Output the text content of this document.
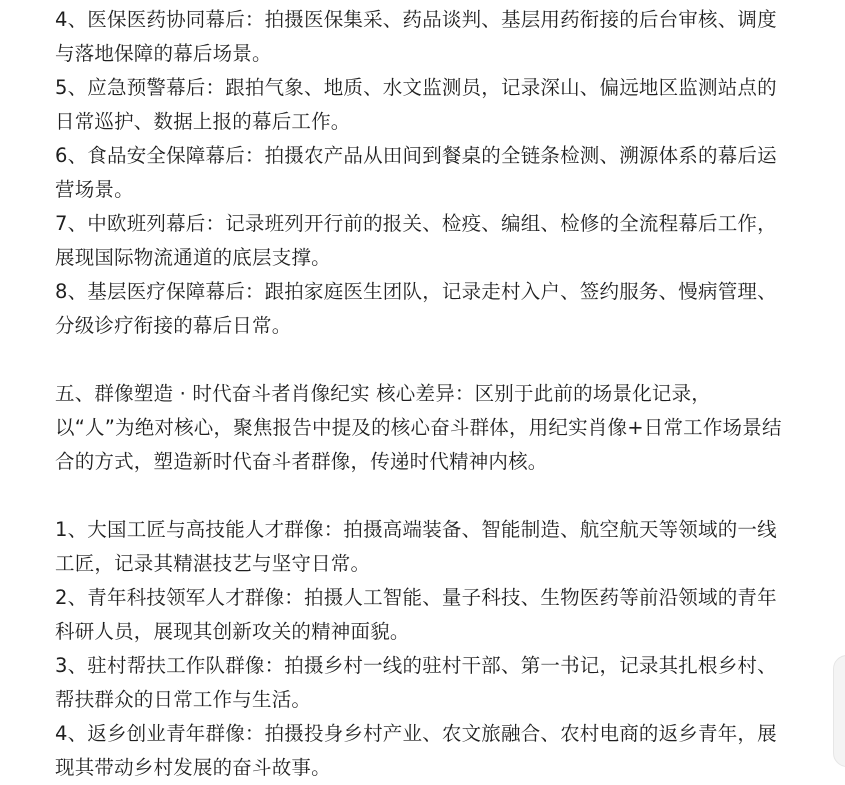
4、医保医药协同幕后：拍摄医保集采、药品谈判、基层用药衔接的后台审核、调度与落地保障的幕后场景。

5、应急预警幕后：跟拍气象、地质、水文监测员，记录深山、偏远地区监测站点的日常巡护、数据上报的幕后工作。

6、食品安全保障幕后：拍摄农产品从田间到餐桌的全链条检测、溯源体系的幕后运营场景。

7、中欧班列幕后：记录班列开行前的报关、检疫、编组、检修的全流程幕后工作，展现国际物流通道的底层支撑。

8、基层医疗保障幕后：跟拍家庭医生团队，记录走村入户、签约服务、慢病管理、分级诊疗衔接的幕后日常。

五、群像塑造 · 时代奋斗者肖像纪实 核心差异：区别于此前的场景化记录，以“人”为绝对核心，聚焦报告中提及的核心奋斗群体，用纪实肖像+日常工作场景结合的方式，塑造新时代奋斗者群像，传递时代精神内核。

1、大国工匠与高技能人才群像：拍摄高端装备、智能制造、航空航天等领域的一线工匠，记录其精湛技艺与坚守日常。

2、青年科技领军人才群像：拍摄人工智能、量子科技、生物医药等前沿领域的青年科研人员，展现其创新攻关的精神面貌。

3、驻村帮扶工作队群像：拍摄乡村一线的驻村干部、第一书记，记录其扎根乡村、帮扶群众的日常工作与生活。

4、返乡创业青年群像：拍摄投身乡村产业、农文旅融合、农村电商的返乡青年，展现其带动乡村发展的奋斗故事。
